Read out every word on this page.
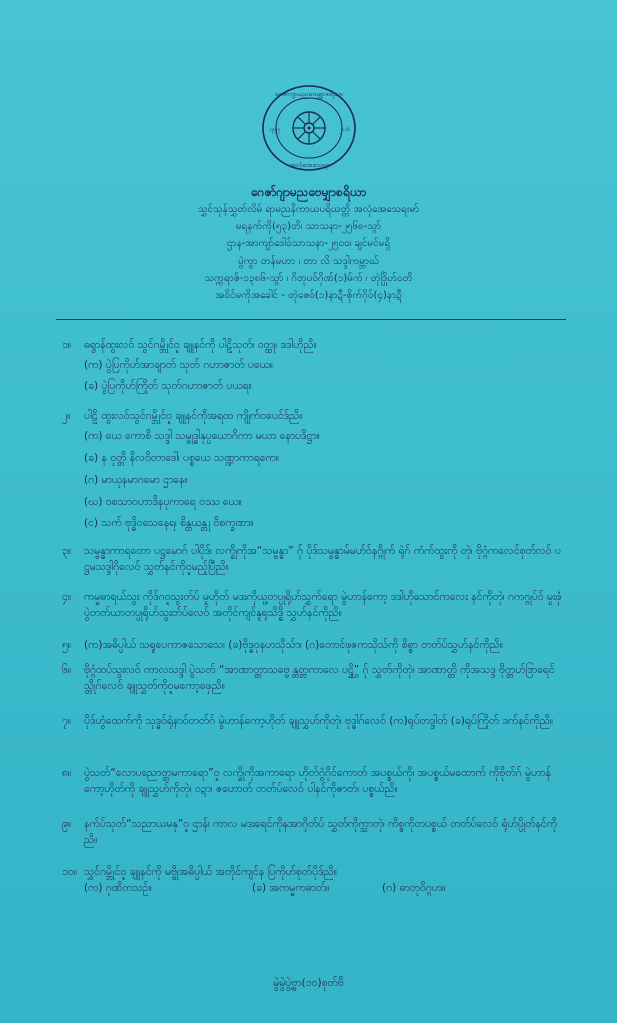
ဂေဇာ်ဂျာမညဗေမျှုာစရိယာ
၁၉၅၅	၂၀၁၆
အလုံအေသေရး
ဂေဇာ်ဂျာမညဗေမျှာစရိယာ
သွှင်သုန်သွှတ်လိမ် ရာမညနိကာယပရိယတ္တိ အလုံအေသေရးမာ်
မရနက်ကို(၅၃)တိ၊ သာသနာ-၂၅၆၈-သ္ဂာ်
ဌာန-အာကျာ်ဒေါဝ်သာသနာ-၂၅၀၀၊ ချင်မင်မရှိ
ပွဲကွာ တန်မဟာ ၊ တာ လိ သဒ္ဒါကမ္ဘာဃ်
သက္ကရာဇ်-၁၃၈၆-သ္ဂာ် ၊ ဂိတုပဝ်ဂိုဏ်(၁)မ်က် ၊ တုဲဒြိုဟ်ဝတိ
အဝိင်မကိုအခေါင် - တုဲဇေဝ်(၁)နာဍီ-စိုက်ဂိုဝ်(၄)နာဍီ
၁။	ဓရွာန်ထွးလဝ် သွင်ဂမ္ဘိုင်ဝ္ဍ ချူနင်ကို ပါဠိသုတ်၊ ဝတ္ထု၊ ဒဒါဟိုညိ။
(က) ပွဲပြကိုဟ်အာချာတ် သုတ် ဂဟာဇာတ် ပယေ။
(ခ) ပွဲပြကိုဟ်ကြိုတ် သုတ်ဂဟာဇာတ် ပယရ။
၂။	ပါဠိ ထွးလဝ်သွင်ဂမ္ဘိုင်ဝ္ဍ ချူနင်ကိုအရထ ကျိုက်ဝပေင်ဒ်ညိ။
(က) ယေ ကောစိ သဒ္ဒါ သမ္ဗုဒ္ဓါနုပ္ပယောဂိကာ မယာ နောပဒိဋ္ဌာ။
(ခ) န ဝုတ္တိ နိလဝိတာဒေါ၊ ပစ္စယေ သဏ္ဍာကာရကေ။
(ဂ) မာယုနမာဂမော ဌာနေ။
(ဃ) ဝစသာဝဟာဒိနပုကာရေ ဝဿ ယေ။
(င) သက် ဗုဒ္ဓိဝသေနေရ၊ စိန္တယန္တု ဝိစက္ခဏာ။
၃။	သမ္ဗန္ဓာကာရတော ပဋ္ဌမောဂ် ပါပိုဒ်၊ လက္ခိုကိုအ“သမ္ဗန္ဓာ” ဂှ် ပိုဒ်သမ္ဗန္ဓာမ်မဟ်ဝ်နဂ္ဂိုက် ရုဲဂ် ကံက်ထွးကို တုဲ၊ ဗိုဂ္ဂံကလေင်စုတ်လဝ် ပဋ္ဌမသဒ္ဒါဂိုလေဝ် သွှတ်နင်ကိုဝ္ဍမည့်ပြီညိ။
၄။	ကမ္မဓာရယ်သွး ကိုဒ်ဂဝ္ဍသွးတ်ပ် မှုဟိုတ် မဒးကိုယူ့တပ္ပုရိုဟ်သွှက်ရော မွဲဟာန်ကော့ ဒဒါဟိုသောင်ကလေး နင်ကိုတုဲ၊ ဂကဂ္ဂုပ်ဝ် မှုးဖှံ ပွဲတတ်ယာတပ္ပုရိုဟ်သွးတ်ပ်လေဝ် အတိုင်ကျင်နူရုသိဒ္ဓိ သွှဟ်နင်ကိုညိ။
၅။	(က)အဓိပ္ပါယ် သရူပေကာဇသောသေ၊ (ခ)ဗိုဒ္ဓဝုနဟသိုသ်ာ၊ (ဂ)တောင်ဖုဇကသိုသ်ကို စိစ္စာ တတ်ပ်သွှဟ်နင်ကိုညိ။
၆။	ဗိုဂ္ဂံထပ်သွးလဝ် ကာလသဒ္ဒါ ပွဲသတ် “အာဏာတ္တာသဗ္ဗေ န္တတ္တကာလေ ပဋ္ဌ္ဌိ” ဂှ် သွှတ်ကိုတုဲ၊ အာဏာတ္တိ ကိုအသဒ္ဒ ဗိုတ္တဟ်ဒြာရေင်သ္တိုဂ်လေဝ် ချူသွှတ်ကိုဝ္ဍမကော့ဖှေညိ။
၇။	ပိုဒ်ဟွံထေက်ကို သုဒ္ဓဝ်ရုံနာဝ်တတ်ဂ် မွဲဟာန်ကော့ဟိုတ် ချူသွှဟ်ကိုတုဲ၊ ဗုဒ္ဓါဂ်လေဝ် (က)ရုပ်တဒ္ဒါတ် (ခ)ရုပ်ကြိုတ် ဒက်နင်ကိုညိ။
၈။	ပွဲသတ်“လောပညောတ္တမကာရော”ဝ္ဍ လက္ခိုကိုအကာရော ဟိုတ်ဂွံဂိုင်ကောတ် အပစ္စယ်ကို၊ အပစ္စယ်မထောက် ကိုဗိုတ်ဂ် မွဲဟာန်ကော့ဟိုတ်ကို ချူသွှဟ်ကိုတုဲ၊ ဝဍာ၊ ဇဟောတ် တတ်ပ်လေဝ် ပါနင်ကိုဇာတ်၊ ပစ္စယ်ညိ။
၉။	နက်ပ်သုတ်“သညာယမနု”ဝ္ဍ ဌာန်၊ ကာလ မဒးရေင်ကိုနအာဂိုတ်ပ် သွှတ်ကိုက္သာတုဲ၊ ကိစ္စကိုတပစ္စယ် တတ်ပ်လေဝ် ရုံဟ်ပ္ပိုတ်နင်ကိုညိ။
၁၀။ သွှင်ဂမ္ဘိုင်ဝ္ဍ ချူနင်ကို မဗ္ဗိုအဓိပ္ပါယ် အတိုင်ကျင်န ပြကိုဟ်စုတ်ပိုဒ်ညိ။
(က) ဂုဏိတသဉ်။	(ခ) အကမ္မကဓာတ်။	(ဂ) ဓာတုဝိဂ္ဂဟ။
မွဲမွဲပွဲ့ဗ္ဗာ(၁၀)စုတ်ဗိ
